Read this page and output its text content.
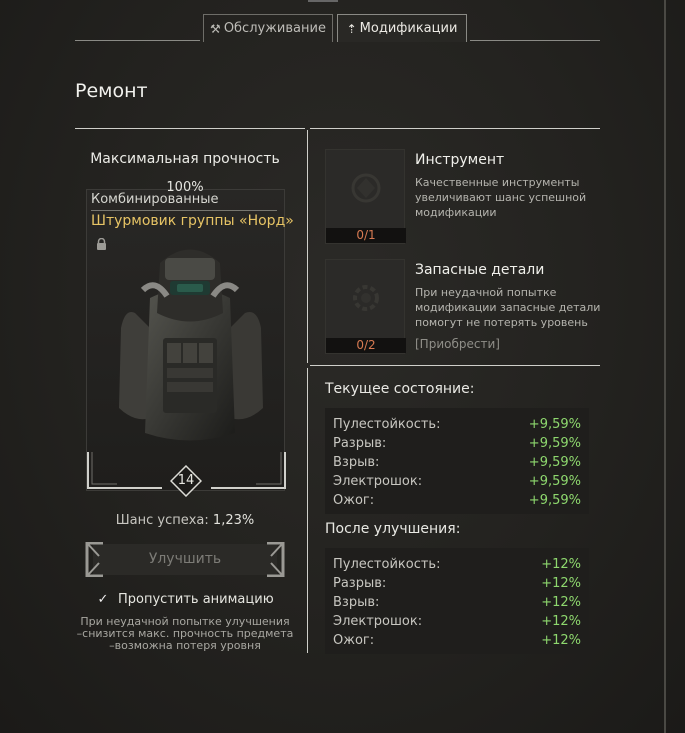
⚒ Обслуживание ⇡ Модификации
Ремонт
Максимальная прочность
Комбинированные
Штурмовик группы «Норд»
14
100%
Шанс успеха: 1,23%
Улучшить
✓ Пропустить анимацию
При неудачной попытке улучшения
–снизится макс. прочность предмета
–возможна потеря уровня
0/1
Инструмент
Качественные инструменты
увеличивают шанс успешной
модификации
0/2
Запасные детали
При неудачной попытке
модификации запасные детали
помогут не потерять уровень
[Приобрести]
Текущее состояние:
Пулестойкость:	+9,59%
Разрыв:	+9,59%
Взрыв:	+9,59%
Электрошок:	+9,59%
Ожог:	+9,59%
После улучшения:
Пулестойкость:	+12%
Разрыв:	+12%
Взрыв:	+12%
Электрошок:	+12%
Ожог:	+12%
